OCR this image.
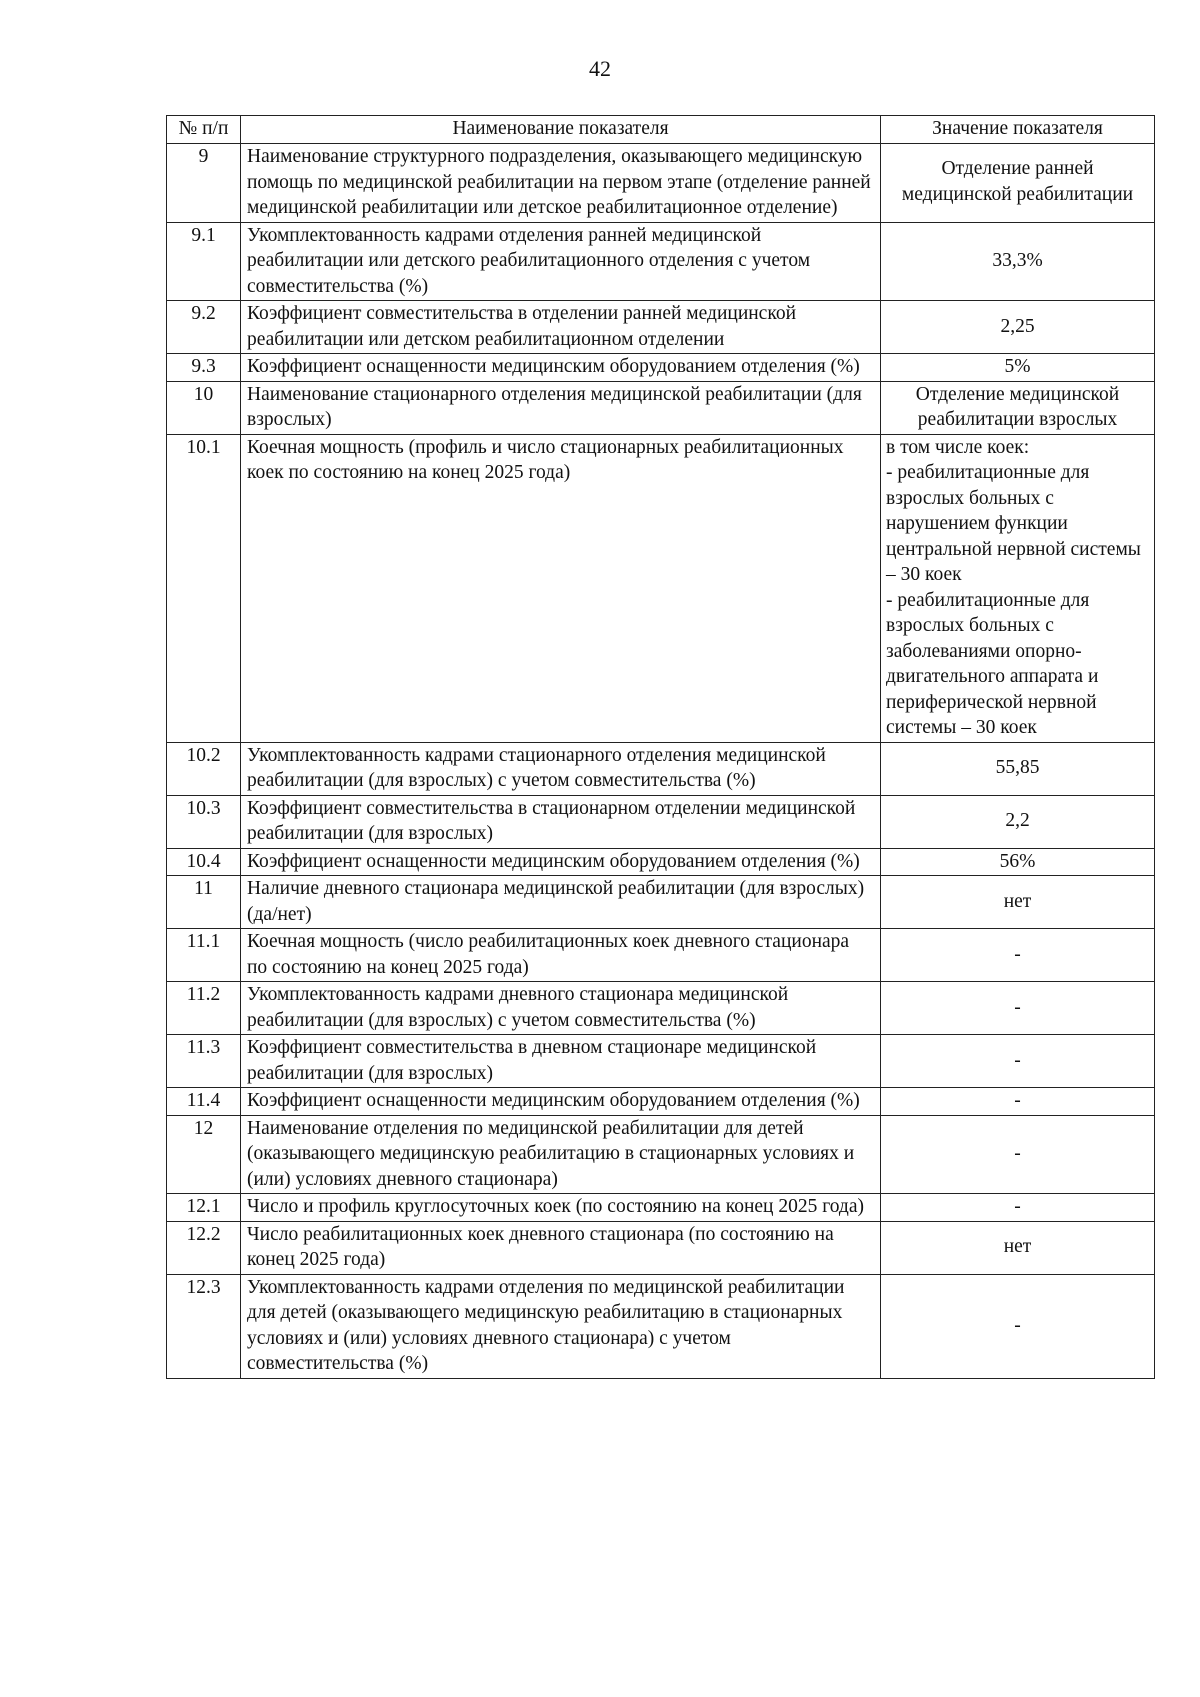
42
№ п/п	Наименование показателя	Значение показателя
9	Наименование структурного подразделения, оказывающего медицинскую помощь по медицинской реабилитации на первом этапе (отделение ранней медицинской реабилитации или детское реабилитационное отделение)	Отделение ранней медицинской реабилитации
9.1	Укомплектованность кадрами отделения ранней медицинской реабилитации или детского реабилитационного отделения с учетом совместительства (%)	33,3%
9.2	Коэффициент совместительства в отделении ранней медицинской реабилитации или детском реабилитационном отделении	2,25
9.3	Коэффициент оснащенности медицинским оборудованием отделения (%)	5%
10	Наименование стационарного отделения медицинской реабилитации (для взрослых)	Отделение медицинской реабилитации взрослых
10.1	Коечная мощность (профиль и число стационарных реабилитационных коек по состоянию на конец 2025 года)	в том числе коек:
- реабилитационные для взрослых больных с нарушением функции центральной нервной системы – 30 коек
- реабилитационные для взрослых больных с заболеваниями опорно-двигательного аппарата и периферической нервной системы – 30 коек
10.2	Укомплектованность кадрами стационарного отделения медицинской реабилитации (для взрослых) с учетом совместительства (%)	55,85
10.3	Коэффициент совместительства в стационарном отделении медицинской реабилитации (для взрослых)	2,2
10.4	Коэффициент оснащенности медицинским оборудованием отделения (%)	56%
11	Наличие дневного стационара медицинской реабилитации (для взрослых) (да/нет)	нет
11.1	Коечная мощность (число реабилитационных коек дневного стационара по состоянию на конец 2025 года)	-
11.2	Укомплектованность кадрами дневного стационара медицинской реабилитации (для взрослых) с учетом совместительства (%)	-
11.3	Коэффициент совместительства в дневном стационаре медицинской реабилитации (для взрослых)	-
11.4	Коэффициент оснащенности медицинским оборудованием отделения (%)	-
12	Наименование отделения по медицинской реабилитации для детей (оказывающего медицинскую реабилитацию в стационарных условиях и (или) условиях дневного стационара)	-
12.1	Число и профиль круглосуточных коек (по состоянию на конец 2025 года)	-
12.2	Число реабилитационных коек дневного стационара (по состоянию на конец 2025 года)	нет
12.3	Укомплектованность кадрами отделения по медицинской реабилитации для детей (оказывающего медицинскую реабилитацию в стационарных условиях и (или) условиях дневного стационара) с учетом совместительства (%)	-
